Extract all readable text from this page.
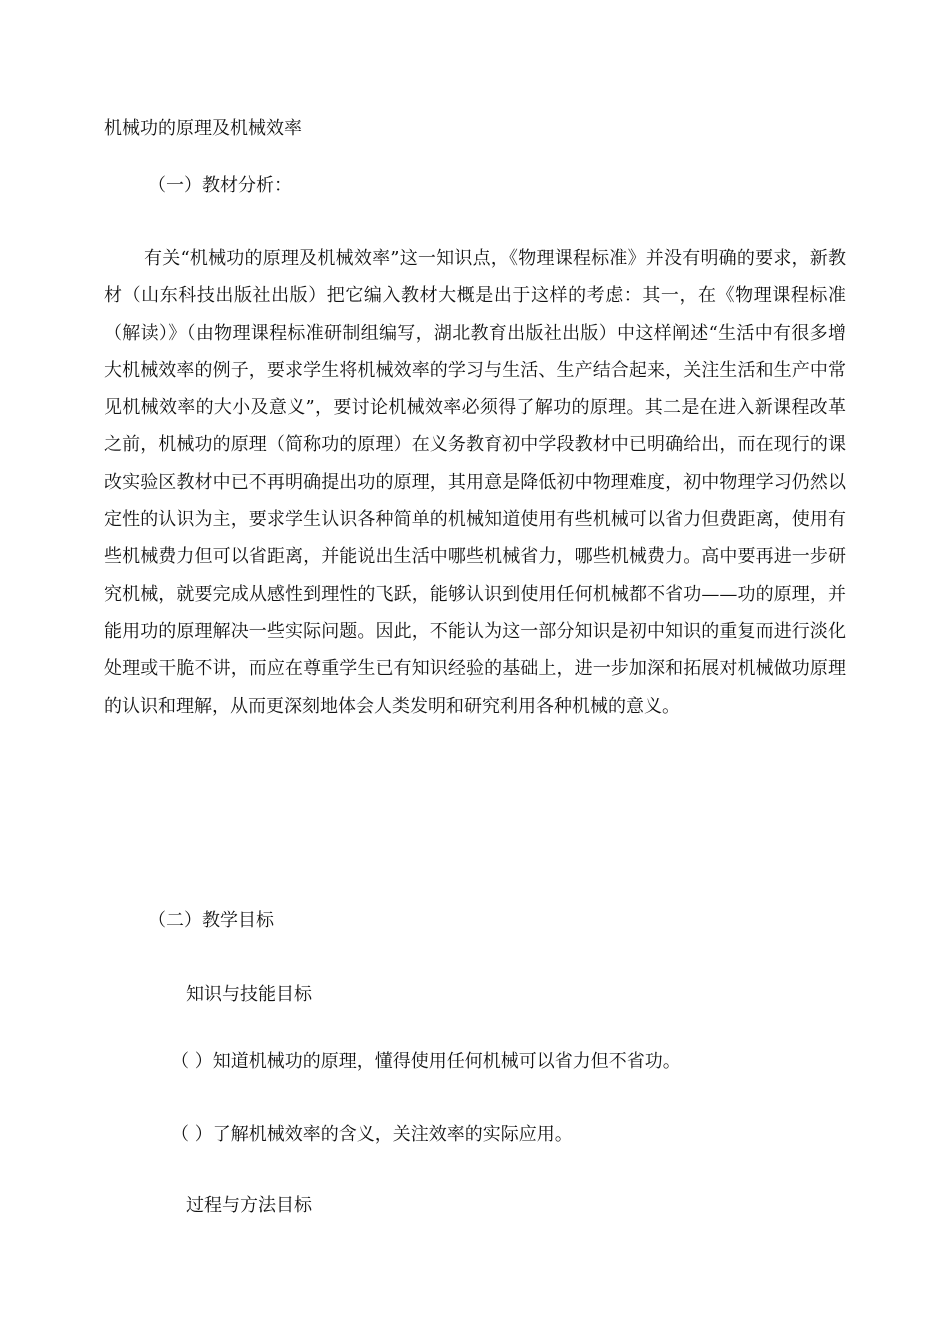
机械功的原理及机械效率

（一）教材分析：

有关“机械功的原理及机械效率”这一知识点，《物理课程标准》并没有明确的要求，新教材（山东科技出版社出版）把它编入教材大概是出于这样的考虑：其一，在《物理课程标准（解读）》（由物理课程标准研制组编写，湖北教育出版社出版）中这样阐述“生活中有很多增大机械效率的例子，要求学生将机械效率的学习与生活、生产结合起来，关注生活和生产中常见机械效率的大小及意义”，要讨论机械效率必须得了解功的原理。其二是在进入新课程改革之前，机械功的原理（简称功的原理）在义务教育初中学段教材中已明确给出，而在现行的课改实验区教材中已不再明确提出功的原理，其用意是降低初中物理难度，初中物理学习仍然以定性的认识为主，要求学生认识各种简单的机械知道使用有些机械可以省力但费距离，使用有些机械费力但可以省距离，并能说出生活中哪些机械省力，哪些机械费力。高中要再进一步研究机械，就要完成从感性到理性的飞跃，能够认识到使用任何机械都不省功——功的原理，并能用功的原理解决一些实际问题。因此，不能认为这一部分知识是初中知识的重复而进行淡化处理或干脆不讲，而应在尊重学生已有知识经验的基础上，进一步加深和拓展对机械做功原理的认识和理解，从而更深刻地体会人类发明和研究利用各种机械的意义。

（二）教学目标

知识与技能目标

（ ）知道机械功的原理，懂得使用任何机械可以省力但不省功。

（ ）了解机械效率的含义，关注效率的实际应用。

过程与方法目标
